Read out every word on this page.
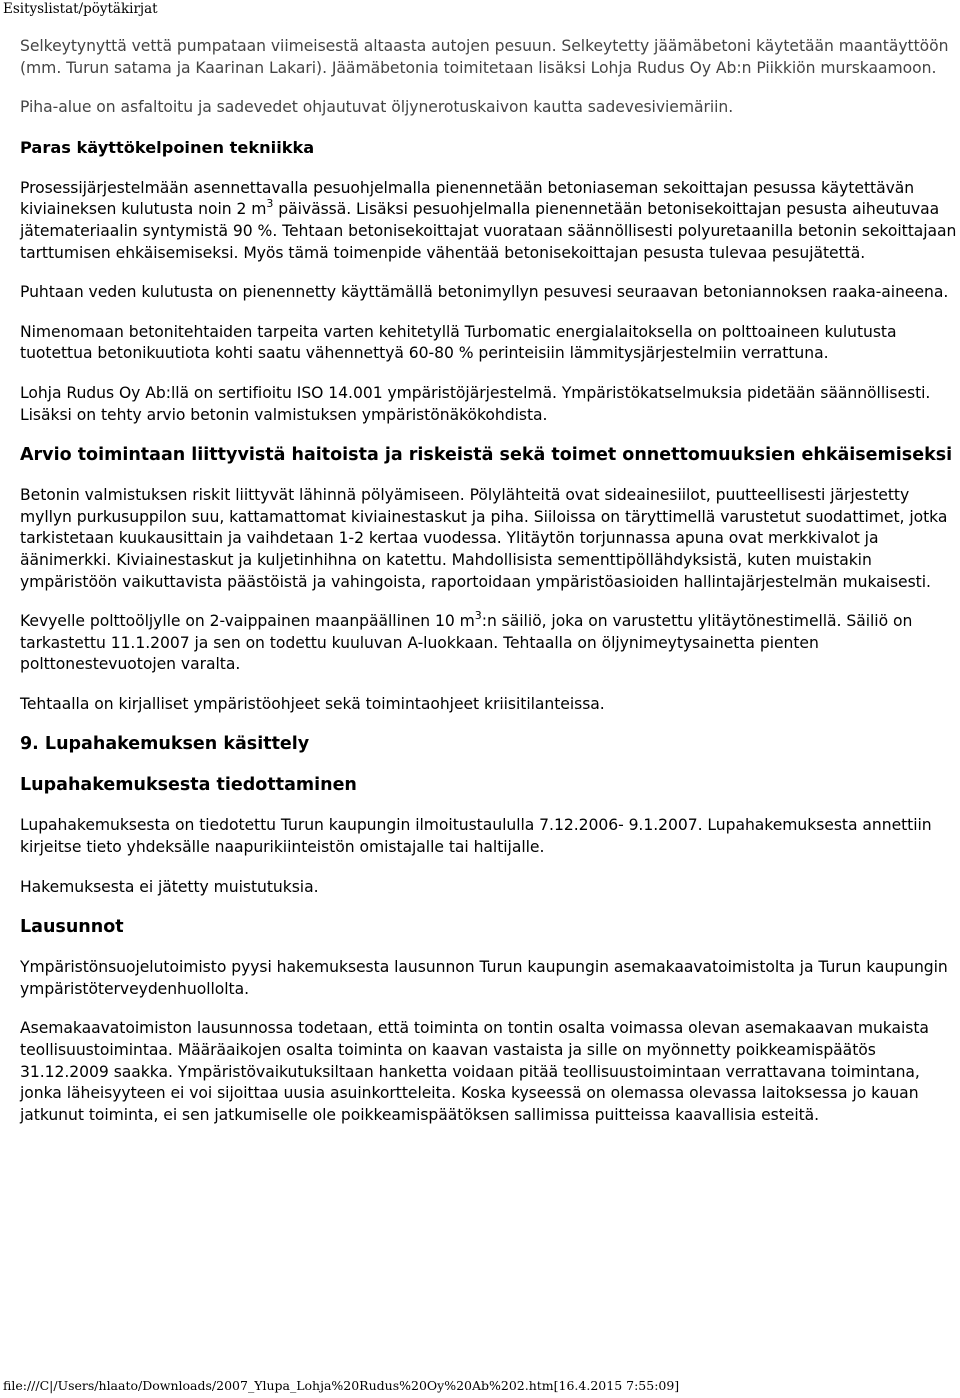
Esityslistat/pöytäkirjat

Selkeytynyttä vettä pumpataan viimeisestä altaasta autojen pesuun. Selkeytetty jäämäbetoni käytetään maantäyttöön (mm. Turun satama ja Kaarinan Lakari). Jäämäbetonia toimitetaan lisäksi Lohja Rudus Oy Ab:n Piikkiön murskaamoon.

Piha-alue on asfaltoitu ja sadevedet ohjautuvat öljynerotuskaivon kautta sadevesiviemäriin.

Paras käyttökelpoinen tekniikka

Prosessijärjestelmään asennettavalla pesuohjelmalla pienennetään betoniaseman sekoittajan pesussa käytettävän kiviaineksen kulutusta noin 2 $m^3$ päivässä. Lisäksi pesuohjelmalla pienennetään betonisekoittajan pesusta aiheutuvaa jätemateriaalin syntymistä 90 %. Tehtaan betonisekoittajat vuorataan säännöllisesti polyuretaanilla betonin sekoittajaan tarttumisen ehkäisemiseksi. Myös tämä toimenpide vähentää betonisekoittajan pesusta tulevaa pesujätettä.

Puhtaan veden kulutusta on pienennetty käyttämällä betonimyllyn pesuvesi seuraavan betoniannoksen raaka-aineena.

Nimenomaan betonitehtaiden tarpeita varten kehitetyllä Turbomatic energialaitoksella on polttoaineen kulutusta tuotettua betonikuutiota kohti saatu vähennettyä 60-80 % perinteisiin lämmitysjärjestelmiin verrattuna.

Lohja Rudus Oy Ab:llä on sertifioitu ISO 14.001 ympäristöjärjestelmä. Ympäristökatselmuksia pidetään säännöllisesti. Lisäksi on tehty arvio betonin valmistuksen ympäristönäkökohdista.

Arvio toimintaan liittyvistä haitoista ja riskeistä sekä toimet onnettomuuksien ehkäisemiseksi

Betonin valmistuksen riskit liittyvät lähinnä pölyämiseen. Pölylähteitä ovat sideainesiilot, puutteellisesti järjestetty myllyn purkusuppilon suu, kattamattomat kiviainestaskut ja piha. Siiloissa on täryttimellä varustetut suodattimet, jotka tarkistetaan kuukausittain ja vaihdetaan 1-2 kertaa vuodessa. Ylitäytön torjunnassa apuna ovat merkkivalot ja äänimerkki. Kiviainestaskut ja kuljetinhihna on katettu. Mahdollisista sementtipöllähdyksistä, kuten muistakin ympäristöön vaikuttavista päästöistä ja vahingoista, raportoidaan ympäristöasioiden hallintajärjestelmän mukaisesti.

Kevyelle polttoöljylle on 2-vaippainen maanpäällinen 10 $m^3:n$ säiliö, joka on varustettu ylitäytönestimellä. Säiliö on tarkastettu 11.1.2007 ja sen on todettu kuuluvan A-luokkaan. Tehtaalla on öljynimeytysainetta pienten polttonestevuotojen varalta.

Tehtaalla on kirjalliset ympäristöohjeet sekä toimintaohjeet kriisitilanteissa.

9. Lupahakemuksen käsittely
Lupahakemuksesta tiedottaminen

Lupahakemuksesta on tiedotettu Turun kaupungin ilmoitustaululla 7.12.2006- 9.1.2007. Lupahakemuksesta annettiin kirjeitse tieto yhdeksälle naapurikiinteistön omistajalle tai haltijalle.

Hakemuksesta ei jätetty muistutuksia.

Lausunnot

Ympäristönsuojelutoimisto pyysi hakemuksesta lausunnon Turun kaupungin asemakaavatoimistolta ja Turun kaupungin ympäristöterveydenhuollolta.

Asemakaavatoimiston lausunnossa todetaan, että toiminta on tontin osalta voimassa olevan asemakaavan mukaista teollisuustoimintaa. Määräaikojen osalta toiminta on kaavan vastaista ja sille on myönnetty poikkeamispäätös 31.12.2009 saakka. Ympäristövaikutuksiltaan hanketta voidaan pitää teollisuustoimintaan verrattavana toimintana, jonka läheisyyteen ei voi sijoittaa uusia asuinkortteleita. Koska kyseessä on olemassa olevassa laitoksessa jo kauan jatkunut toiminta, ei sen jatkumiselle ole poikkeamispäätöksen sallimissa puitteissa kaavallisia esteitä.

file:///C|/Users/hlaato/Downloads/2007_Ylupa_Lohja%20Rudus%20Oy%20Ab%202.htm[16.4.2015 7:55:09]
